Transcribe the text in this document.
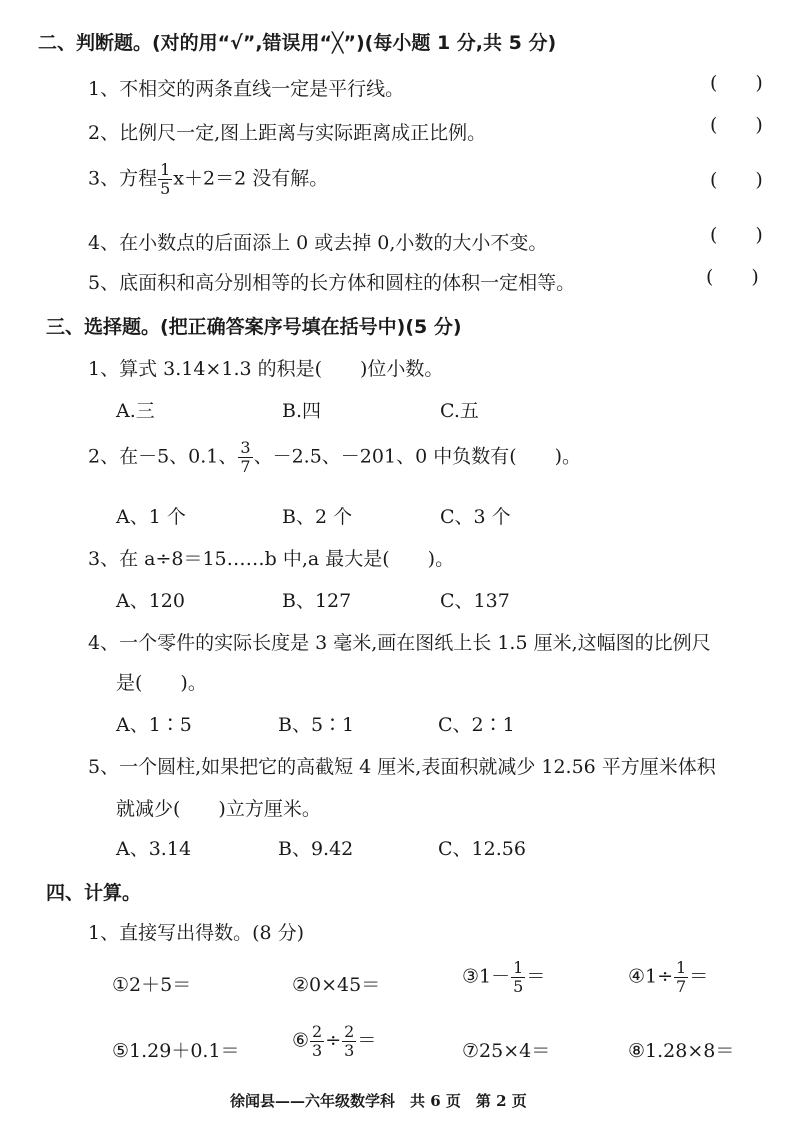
二、判断题。(对的用“√”,错误用“╳”)(每小题 1 分,共 5 分)
1、不相交的两条直线一定是平行线。	(　　)
2、比例尺一定,图上距离与实际距离成正比例。	(　　)
3、方程 $\frac{1}{5} x+2=2$ 没有解。	(　　)
4、在小数点的后面添上 0 或去掉 0,小数的大小不变。	(　　)
5、底面积和高分别相等的长方体和圆柱的体积一定相等。	(　　)
三、选择题。(把正确答案序号填在括号中)(5 分)
1、算式 3.14×1.3 的积是(　　)位小数。
A.三	B.四	C.五
2、在－5、0.1、 $\frac{3}{7}$ 、－2.5、－201、0 中负数有(　　)。
A、1 个	B、2 个	C、3 个
3、在 a÷8＝15……b 中,a 最大是(　　)。
A、120	B、127	C、137
4、一个零件的实际长度是 3 毫米,画在图纸上长 1.5 厘米,这幅图的比例尺
是(　　)。
A、1∶5	B、5∶1	C、2∶1
5、一个圆柱,如果把它的高截短 4 厘米,表面积就减少 12.56 平方厘米体积
就减少(　　)立方厘米。
A、3.14	B、9.42	C、12.56
四、计算。
1、直接写出得数。(8 分)
①2＋5＝	②0×45＝	③1－ $\frac{1}{5}$ ＝	④1÷ $\frac{1}{7}$ ＝
⑤1.29＋0.1＝	⑥ $\frac{2}{3} \div \frac{2}{3}$ ＝	⑦25×4＝	⑧1.28×8＝
徐闻县——六年级数学科　共 6 页　第 2 页
